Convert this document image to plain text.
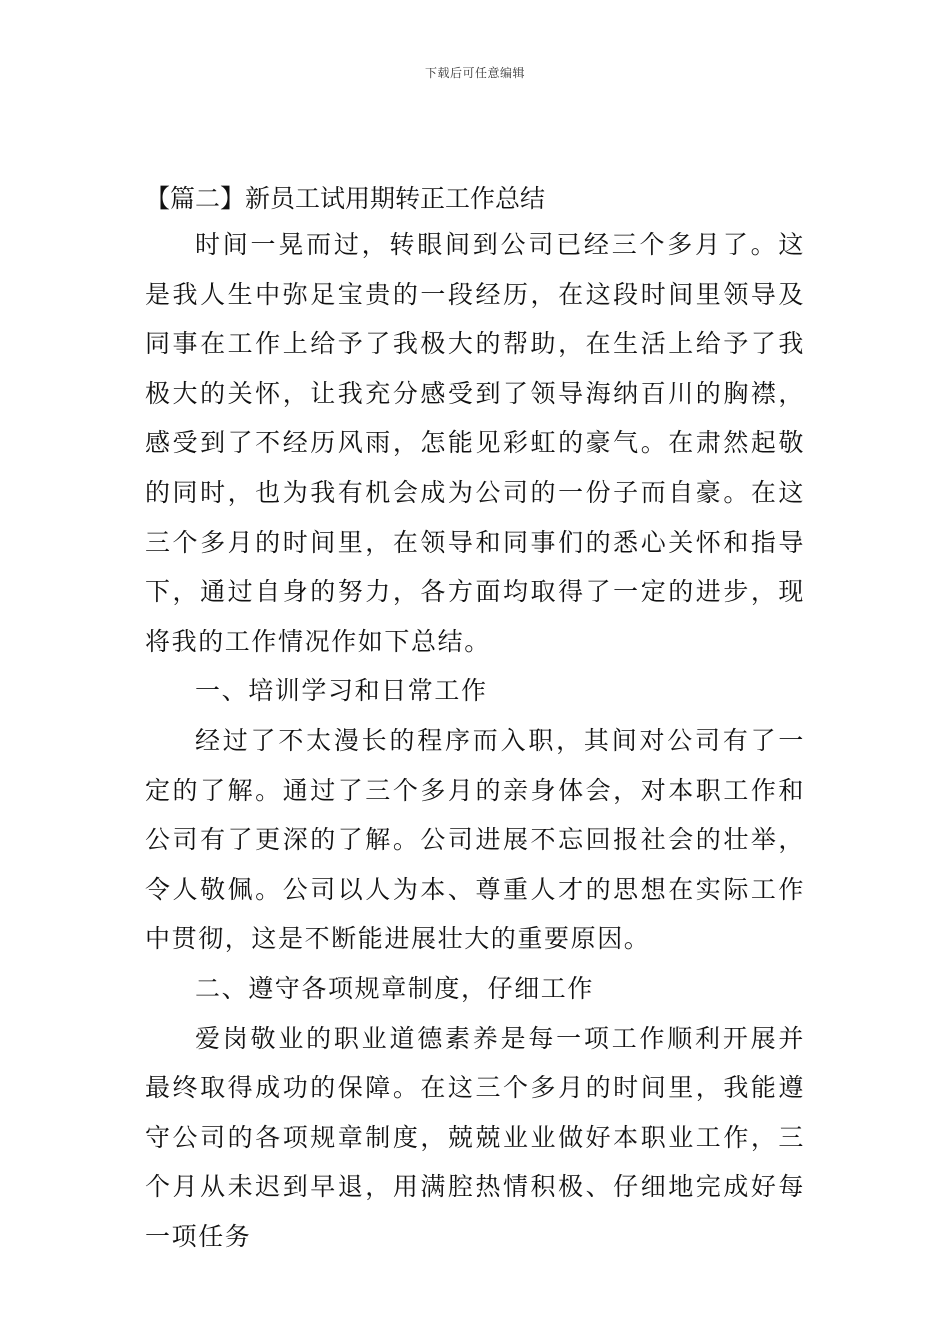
下载后可任意编辑
【篇二】新员工试用期转正工作总结

时间一晃而过，转眼间到公司已经三个多月了。这是我人生中弥足宝贵的一段经历，在这段时间里领导及同事在工作上给予了我极大的帮助，在生活上给予了我极大的关怀，让我充分感受到了领导海纳百川的胸襟，感受到了不经历风雨，怎能见彩虹的豪气。在肃然起敬的同时，也为我有机会成为公司的一份子而自豪。在这三个多月的时间里，在领导和同事们的悉心关怀和指导下，通过自身的努力，各方面均取得了一定的进步，现将我的工作情况作如下总结。

一、培训学习和日常工作

经过了不太漫长的程序而入职，其间对公司有了一定的了解。通过了三个多月的亲身体会，对本职工作和公司有了更深的了解。公司进展不忘回报社会的壮举，令人敬佩。公司以人为本、尊重人才的思想在实际工作中贯彻，这是不断能进展壮大的重要原因。

二、遵守各项规章制度，仔细工作

爱岗敬业的职业道德素养是每一项工作顺利开展并最终取得成功的保障。在这三个多月的时间里，我能遵守公司的各项规章制度，兢兢业业做好本职业工作，三个月从未迟到早退，用满腔热情积极、仔细地完成好每一项任务
